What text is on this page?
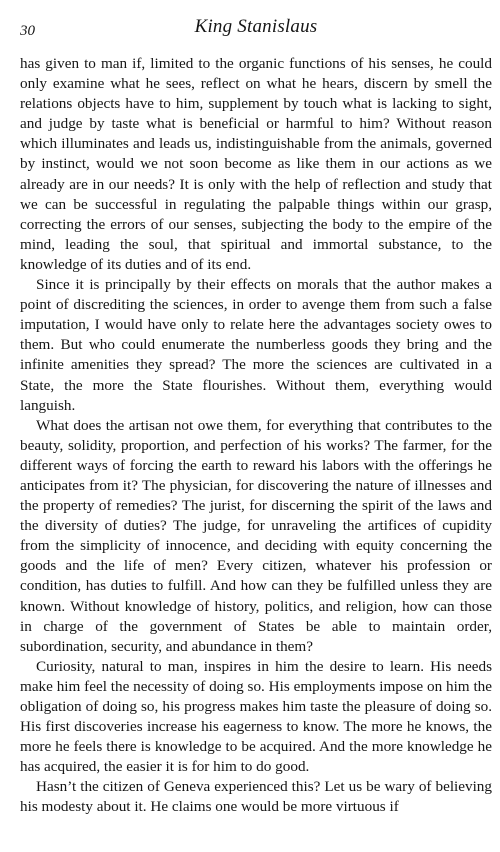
30	King Stanislaus

has given to man if, limited to the organic functions of his senses, he could only examine what he sees, reflect on what he hears, discern by smell the relations objects have to him, supplement by touch what is lacking to sight, and judge by taste what is beneficial or harmful to him? Without reason which illuminates and leads us, indistinguishable from the animals, governed by instinct, would we not soon become as like them in our actions as we already are in our needs? It is only with the help of reflection and study that we can be successful in regulating the palpable things within our grasp, correcting the errors of our senses, subjecting the body to the empire of the mind, leading the soul, that spiritual and immortal substance, to the knowledge of its duties and of its end.

Since it is principally by their effects on morals that the author makes a point of discrediting the sciences, in order to avenge them from such a false imputation, I would have only to relate here the advantages society owes to them. But who could enumerate the numberless goods they bring and the infinite amenities they spread? The more the sciences are cultivated in a State, the more the State flourishes. Without them, everything would languish.

What does the artisan not owe them, for everything that contributes to the beauty, solidity, proportion, and perfection of his works? The farmer, for the different ways of forcing the earth to reward his labors with the offerings he anticipates from it? The physician, for discovering the nature of illnesses and the property of remedies? The jurist, for discerning the spirit of the laws and the diversity of duties? The judge, for unraveling the artifices of cupidity from the simplicity of innocence, and deciding with equity concerning the goods and the life of men? Every citizen, whatever his profession or condition, has duties to fulfill. And how can they be fulfilled unless they are known. Without knowledge of history, politics, and religion, how can those in charge of the government of States be able to maintain order, subordination, security, and abundance in them?

Curiosity, natural to man, inspires in him the desire to learn. His needs make him feel the necessity of doing so. His employments impose on him the obligation of doing so, his progress makes him taste the pleasure of doing so. His first discoveries increase his eagerness to know. The more he knows, the more he feels there is knowledge to be acquired. And the more knowledge he has acquired, the easier it is for him to do good.

Hasn’t the citizen of Geneva experienced this? Let us be wary of believing his modesty about it. He claims one would be more virtuous if
